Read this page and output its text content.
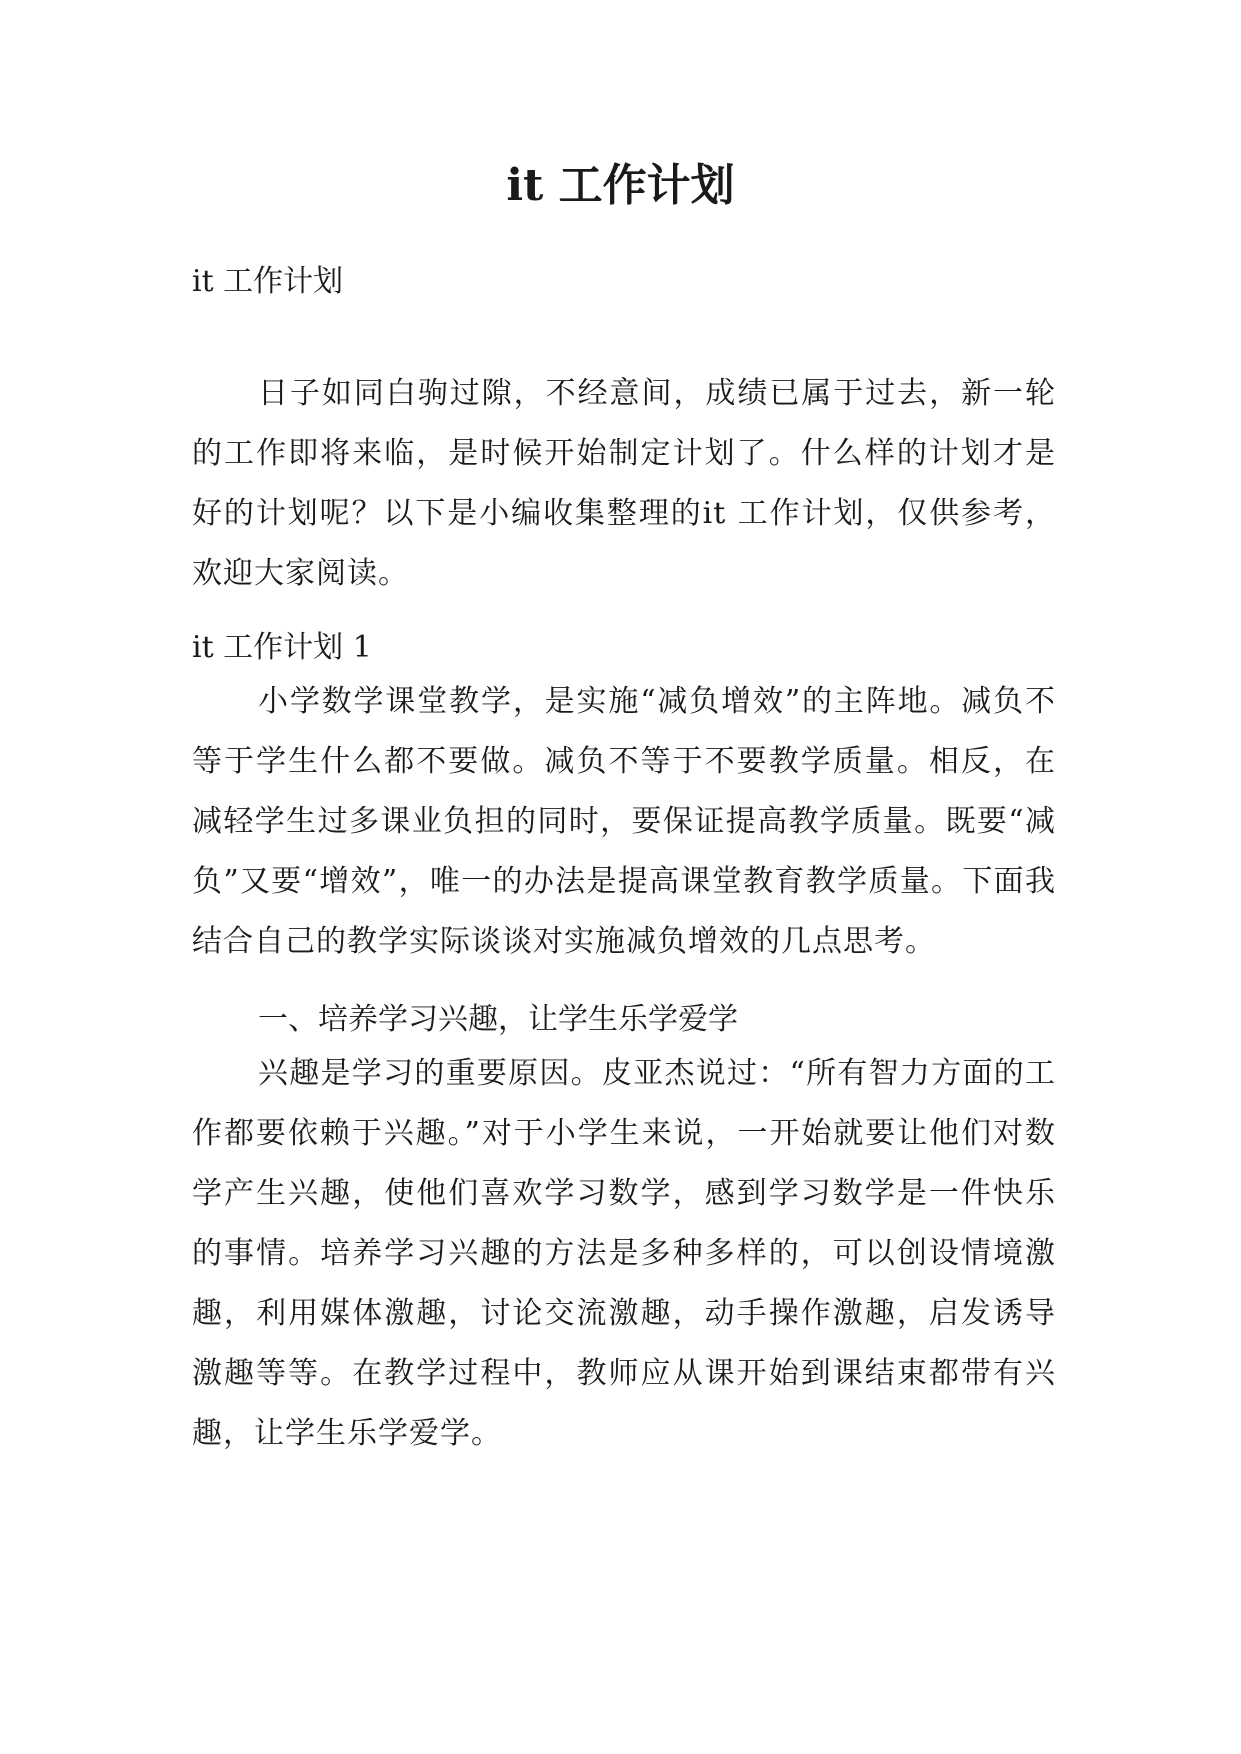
it 工作计划
it 工作计划
日子如同白驹过隙，不经意间，成绩已属于过去，新一轮的工作即将来临，是时候开始制定计划了。什么样的计划才是好的计划呢？以下是小编收集整理的it 工作计划，仅供参考，欢迎大家阅读。
it 工作计划 1
小学数学课堂教学，是实施“减负增效”的主阵地。减负不等于学生什么都不要做。减负不等于不要教学质量。相反，在减轻学生过多课业负担的同时，要保证提高教学质量。既要“减负”又要“增效”，唯一的办法是提高课堂教育教学质量。下面我结合自己的教学实际谈谈对实施减负增效的几点思考。
一、培养学习兴趣，让学生乐学爱学
兴趣是学习的重要原因。皮亚杰说过：“所有智力方面的工作都要依赖于兴趣。”对于小学生来说，一开始就要让他们对数学产生兴趣，使他们喜欢学习数学，感到学习数学是一件快乐的事情。培养学习兴趣的方法是多种多样的，可以创设情境激趣，利用媒体激趣，讨论交流激趣，动手操作激趣，启发诱导激趣等等。在教学过程中，教师应从课开始到课结束都带有兴趣，让学生乐学爱学。
